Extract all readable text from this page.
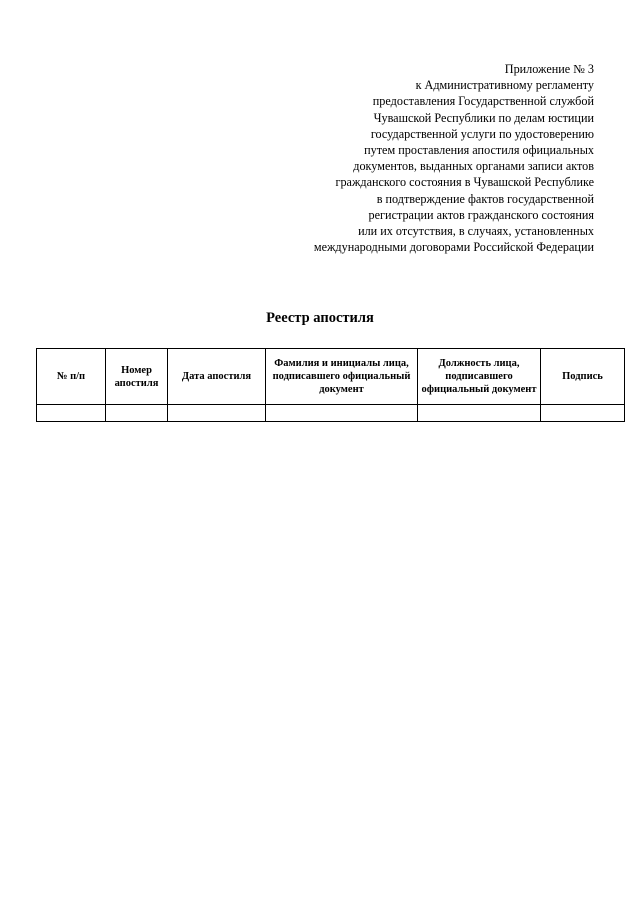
Приложение № 3
к Административному регламенту
предоставления Государственной службой
Чувашской Республики по делам юстиции
государственной услуги по удостоверению
путем проставления апостиля официальных
документов, выданных органами записи актов
гражданского состояния в Чувашской Республике
в подтверждение фактов государственной
регистрации актов гражданского состояния
или их отсутствия, в случаях, установленных
международными договорами Российской Федерации
Реестр апостиля
№ п/п	Номер апостиля	Дата апостиля	Фамилия и инициалы лица, подписавшего официальный документ	Должность лица, подписавшего официальный документ	Подпись
